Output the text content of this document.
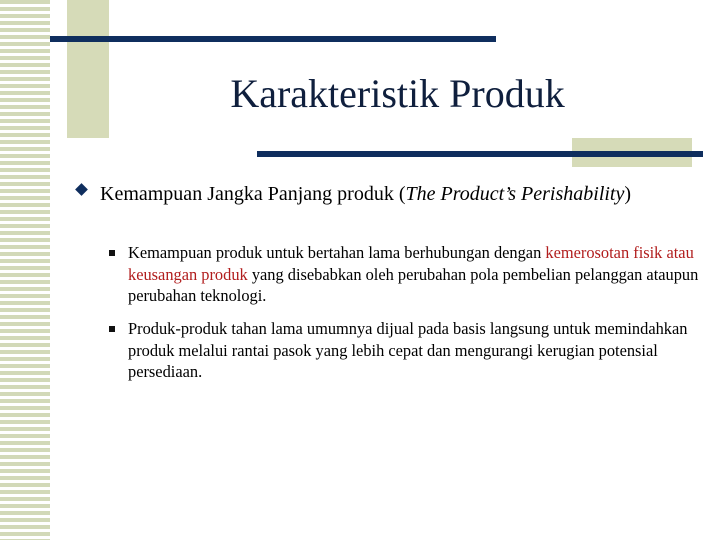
Karakteristik Produk
Kemampuan Jangka Panjang produk (The Product’s Perishability)
Kemampuan produk untuk bertahan lama berhubungan dengan kemerosotan fisik atau keusangan produk yang disebabkan oleh perubahan pola pembelian pelanggan ataupun perubahan teknologi.
Produk-produk tahan lama umumnya dijual pada basis langsung untuk memindahkan produk melalui rantai pasok yang lebih cepat dan mengurangi kerugian potensial persediaan.
